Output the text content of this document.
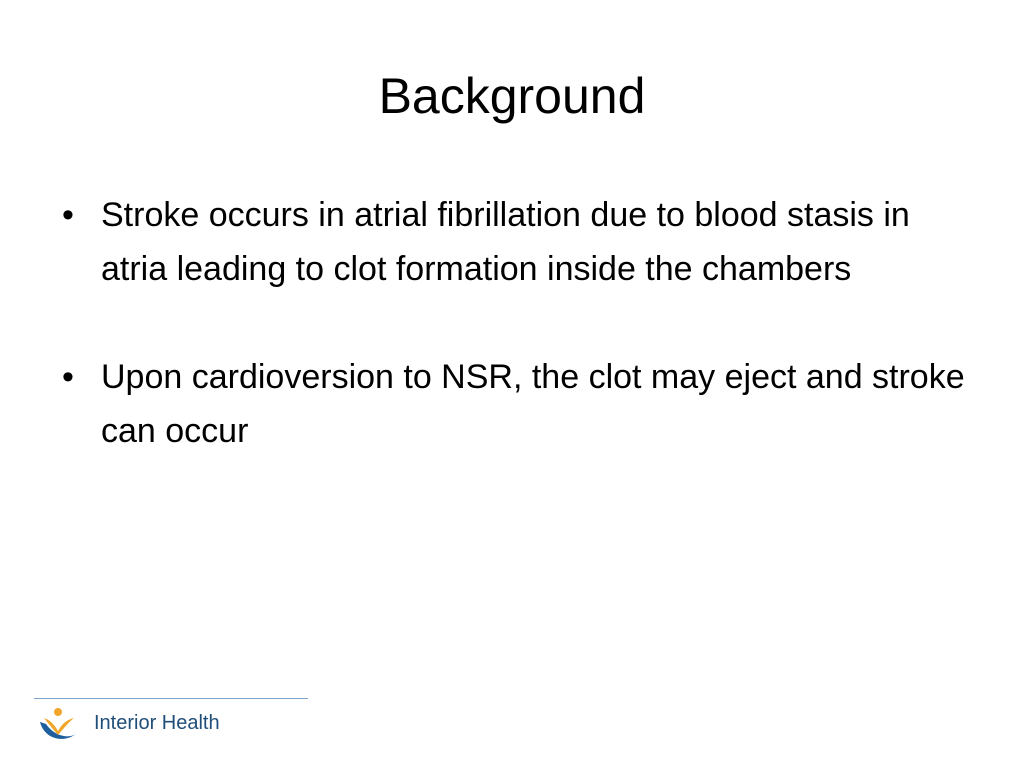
Background
• Stroke occurs in atrial fibrillation due to blood stasis in atria leading to clot formation inside the chambers
• Upon cardioversion to NSR, the clot may eject and stroke can occur
Interior Health
